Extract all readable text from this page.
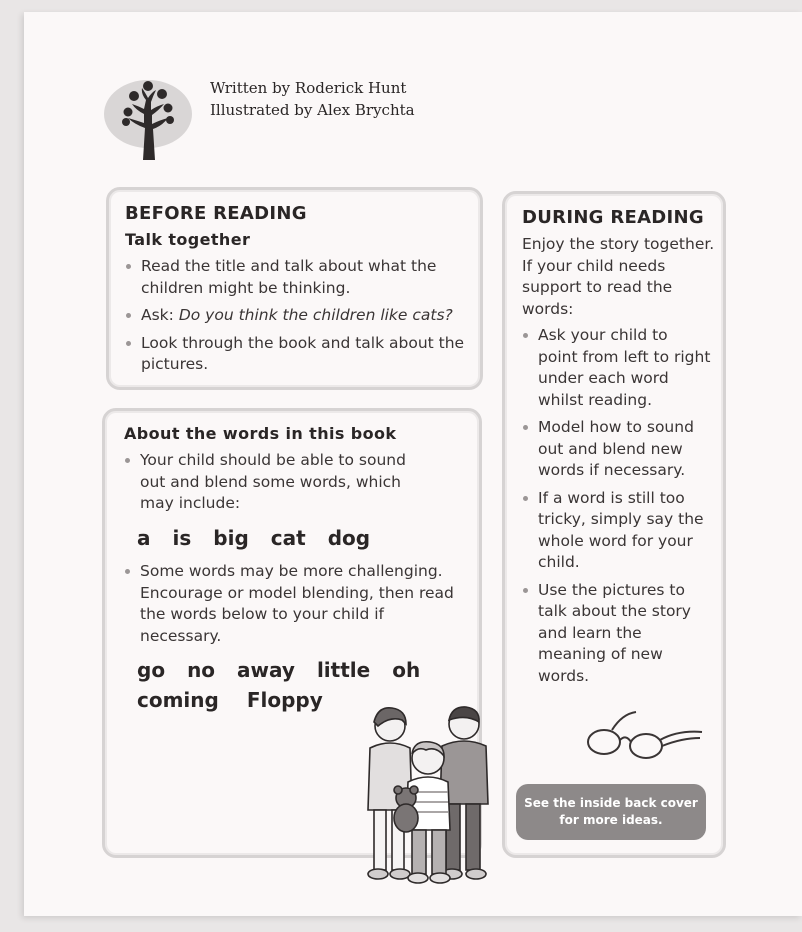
Written by Roderick Hunt
Illustrated by Alex Brychta
BEFORE READING
Talk together
Read the title and talk about what the children might be thinking.
Ask: Do you think the children like cats?
Look through the book and talk about the pictures.
About the words in this book
Your child should be able to sound out and blend some words, which may include:
a is big cat dog
Some words may be more challenging. Encourage or model blending, then read the words below to your child if necessary.
go no away little oh
coming Floppy
DURING READING
Enjoy the story together. If your child needs support to read the words:
Ask your child to point from left to right under each word whilst reading.
Model how to sound out and blend new words if necessary.
If a word is still too tricky, simply say the whole word for your child.
Use the pictures to talk about the story and learn the meaning of new words.
See the inside back cover
for more ideas.
